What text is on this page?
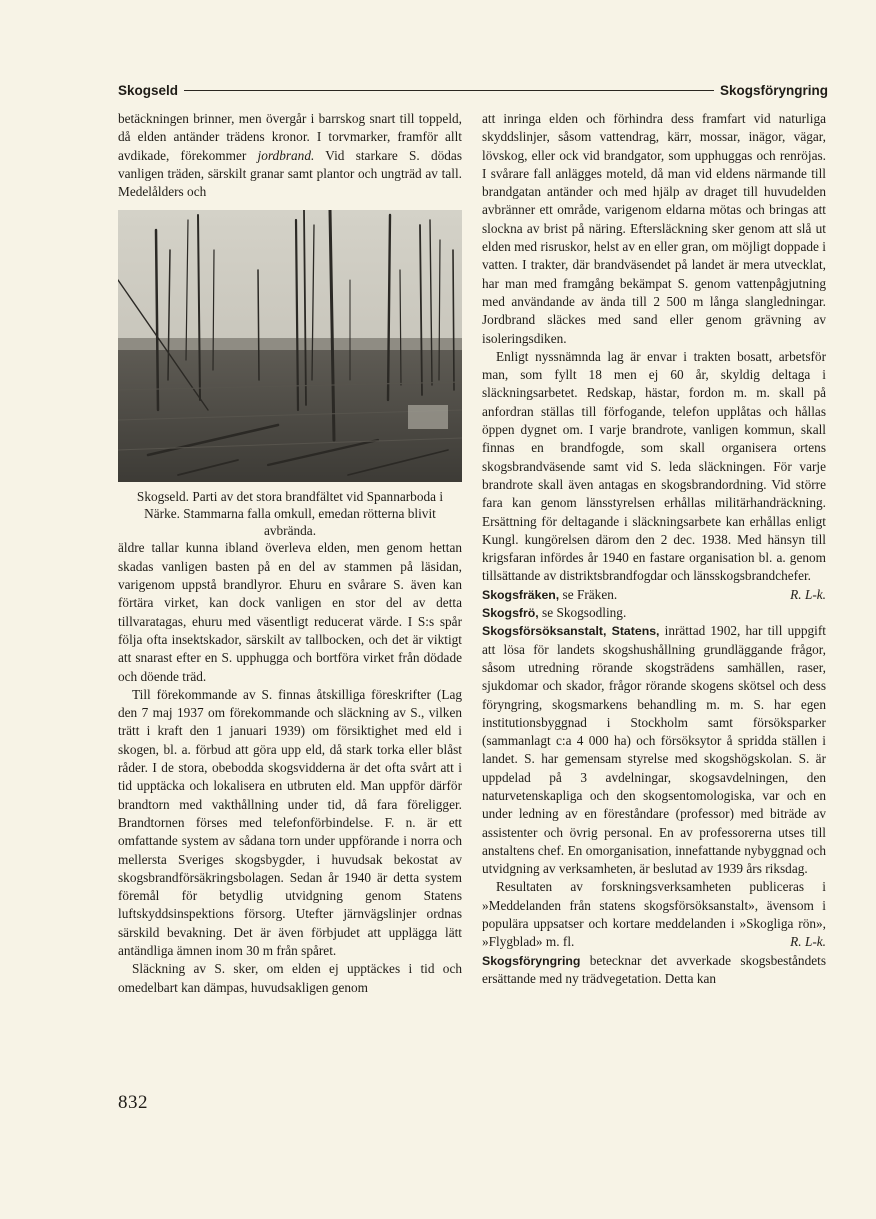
Skogseld	Skogsföryngring

betäckningen brinner, men övergår i barrskog snart till toppeld, då elden antänder trädens kronor. I torvmarker, framför allt avdikade, förekommer jordbrand. Vid starkare S. dödas vanligen träden, särskilt granar samt plantor och ungträd av tall. Medelålders och

Skogseld. Parti av det stora brandfältet vid Spannarboda i Närke. Stammarna falla omkull, emedan rötterna blivit avbrända.

äldre tallar kunna ibland överleva elden, men genom hettan skadas vanligen basten på en del av stammen på läsidan, varigenom uppstå brandlyror. Ehuru en svårare S. även kan förtära virket, kan dock vanligen en stor del av detta tillvaratagas, ehuru med väsentligt reducerat värde. I S:s spår följa ofta insektskador, särskilt av tallbocken, och det är viktigt att snarast efter en S. upphugga och bortföra virket från dödade och döende träd.

Till förekommande av S. finnas åtskilliga föreskrifter (Lag den 7 maj 1937 om förekommande och släckning av S., vilken trätt i kraft den 1 januari 1939) om försiktighet med eld i skogen, bl. a. förbud att göra upp eld, då stark torka eller blåst råder. I de stora, obebodda skogsvidderna är det ofta svårt att i tid upptäcka och lokalisera en utbruten eld. Man uppför därför brandtorn med vakthållning under tid, då fara föreligger. Brandtornen förses med telefonförbindelse. F. n. är ett omfattande system av sådana torn under uppförande i norra och mellersta Sveriges skogsbygder, i huvudsak bekostat av skogsbrandförsäkringsbolagen. Sedan år 1940 är detta system föremål för betydlig utvidgning genom Statens luftskyddsinspektions försorg. Utefter järnvägslinjer ordnas särskild bevakning. Det är även förbjudet att upplägga lätt antändliga ämnen inom 30 m från spåret.

Släckning av S. sker, om elden ej upptäckes i tid och omedelbart kan dämpas, huvudsakligen genom

att inringa elden och förhindra dess framfart vid naturliga skyddslinjer, såsom vattendrag, kärr, mossar, inägor, vägar, lövskog, eller ock vid brandgator, som upphuggas och renröjas. I svårare fall anlägges moteld, då man vid eldens närmande till brandgatan antänder och med hjälp av draget till huvudelden avbränner ett område, varigenom eldarna mötas och bringas att slockna av brist på näring. Eftersläckning sker genom att slå ut elden med risruskor, helst av en eller gran, om möjligt doppade i vatten. I trakter, där brandväsendet på landet är mera utvecklat, har man med framgång bekämpat S. genom vattenpågjutning med användande av ända till 2 500 m långa slangledningar. Jordbrand släckes med sand eller genom grävning av isoleringsdiken.

Enligt nyssnämnda lag är envar i trakten bosatt, arbetsför man, som fyllt 18 men ej 60 år, skyldig deltaga i släckningsarbetet. Redskap, hästar, fordon m. m. skall på anfordran ställas till förfogande, telefon upplåtas och hållas öppen dygnet om. I varje brandrote, vanligen kommun, skall finnas en brandfogde, som skall organisera ortens skogsbrandväsende samt vid S. leda släckningen. För varje brandrote skall även antagas en skogsbrandordning. Vid större fara kan genom länsstyrelsen erhållas militärhandräckning. Ersättning för deltagande i släckningsarbete kan erhållas enligt Kungl. kungörelsen därom den 2 dec. 1938. Med hänsyn till krigsfaran infördes år 1940 en fastare organisation bl. a. genom tillsättande av distriktsbrandfogdar och länsskogsbrandchefer.
R. L-k.

Skogsfräken, se Fräken.

Skogsfrö, se Skogsodling.

Skogsförsöksanstalt, Statens, inrättad 1902, har till uppgift att lösa för landets skogshushållning grundläggande frågor, såsom utredning rörande skogsträdens samhällen, raser, sjukdomar och skador, frågor rörande skogens skötsel och dess föryngring, skogsmarkens behandling m. m. S. har egen institutionsbyggnad i Stockholm samt försöksparker (sammanlagt c:a 4 000 ha) och försöksytor å spridda ställen i landet. S. har gemensam styrelse med skogshögskolan. S. är uppdelad på 3 avdelningar, skogsavdelningen, den naturvetenskapliga och den skogsentomologiska, var och en under ledning av en föreståndare (professor) med biträde av assistenter och övrig personal. En av professorerna utses till anstaltens chef. En omorganisation, innefattande nybyggnad och utvidgning av verksamheten, är beslutad av 1939 års riksdag.

Resultaten av forskningsverksamheten publiceras i »Meddelanden från statens skogsförsöksanstalt», ävensom i populära uppsatser och kortare meddelanden i »Skogliga rön», »Flygblad» m. fl.	R. L-k.

Skogsföryngring betecknar det avverkade skogsbeståndets ersättande med ny trädvegetation. Detta kan

832
